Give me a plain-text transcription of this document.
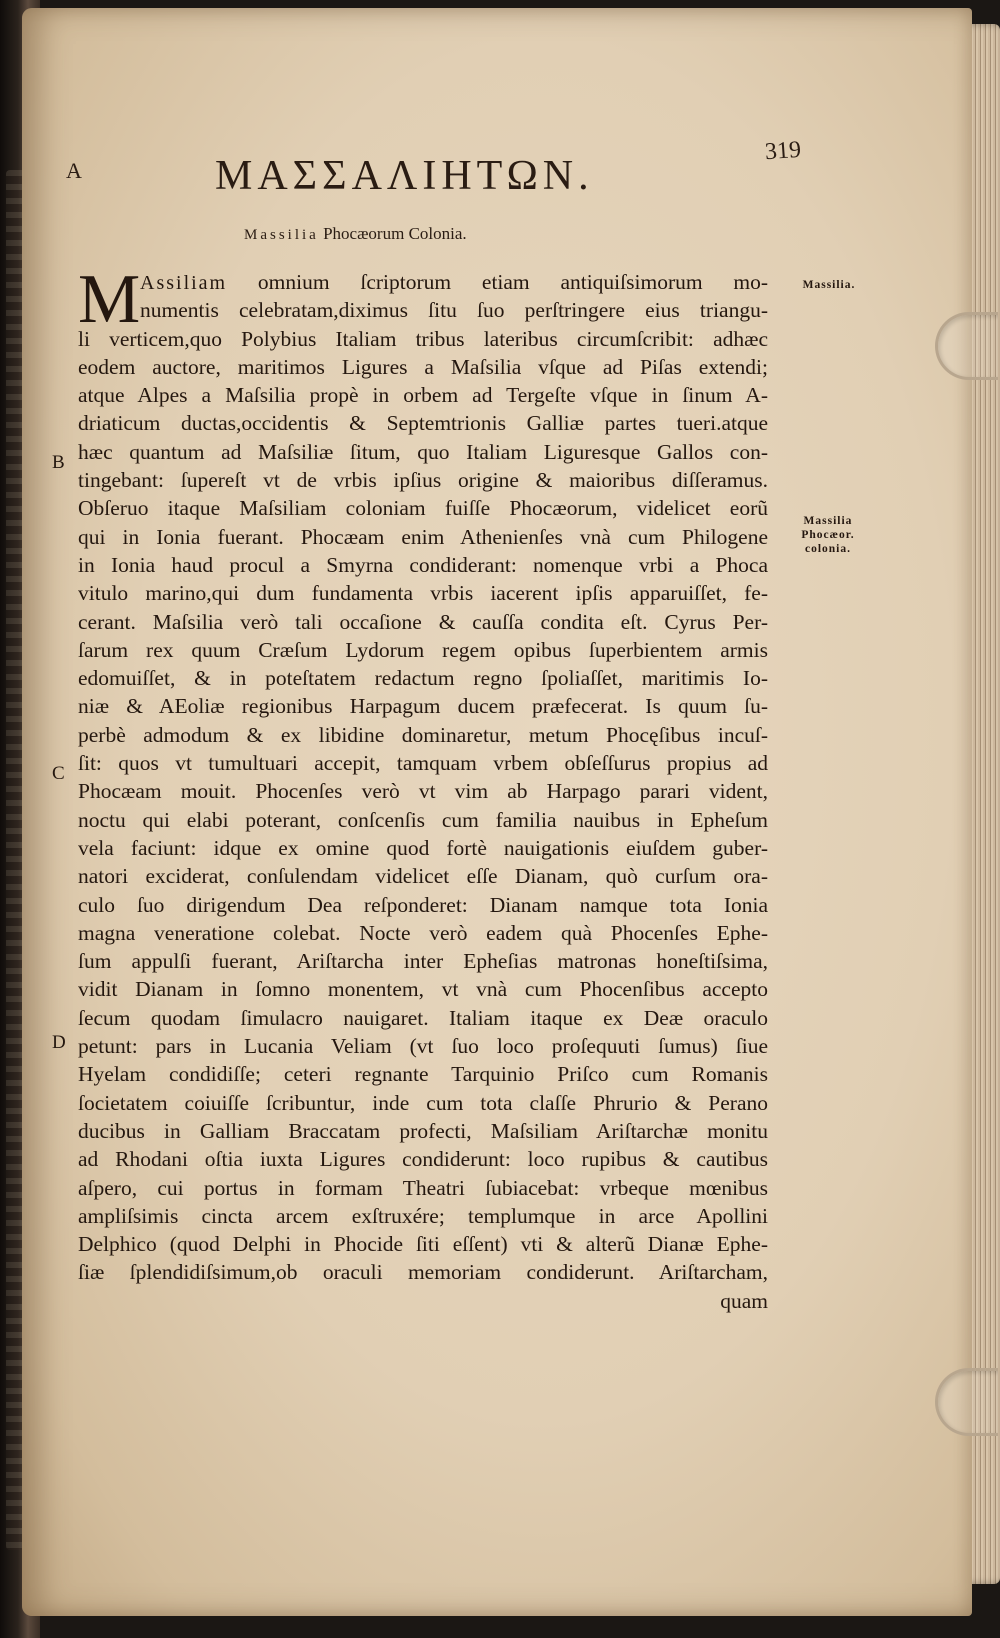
A
319
ΜΑΣΣΑΛΙΗΤΩΝ.
Massilia Phocæorum Colonia.
M Assiliam omnium ſcriptorum etiam antiquiſsimorum mo-
numentis celebratam,diximus ſitu ſuo perſtringere eius triangu-
li verticem,quo Polybius Italiam tribus lateribus circumſcribit: adhæc
eodem auctore, maritimos Ligures a Maſsilia vſque ad Piſas extendi;
atque Alpes a Maſsilia propè in orbem ad Tergeſte vſque in ſinum A-
driaticum ductas,occidentis & Septemtrionis Galliæ partes tueri.atque
hæc quantum ad Maſsiliæ ſitum, quo Italiam Liguresque Gallos con-
tingebant: ſupereſt vt de vrbis ipſius origine & maioribus diſſeramus.
Obſeruo itaque Maſsiliam coloniam fuiſſe Phocæorum, videlicet eorũ
qui in Ionia fuerant. Phocæam enim Athenienſes vnà cum Philogene
in Ionia haud procul a Smyrna condiderant: nomenque vrbi a Phoca
vitulo marino,qui dum fundamenta vrbis iacerent ipſis apparuiſſet, fe-
cerant. Maſsilia verò tali occaſione & cauſſa condita eſt. Cyrus Per-
ſarum rex quum Cræſum Lydorum regem opibus ſuperbientem armis
edomuiſſet, & in poteſtatem redactum regno ſpoliaſſet, maritimis Io-
niæ & AEoliæ regionibus Harpagum ducem præfecerat. Is quum ſu-
perbè admodum & ex libidine dominaretur, metum Phocęſibus incuſ-
ſit: quos vt tumultuari accepit, tamquam vrbem obſeſſurus propius ad
Phocæam mouit. Phocenſes verò vt vim ab Harpago parari vident,
noctu qui elabi poterant, conſcenſis cum familia nauibus in Epheſum
vela faciunt: idque ex omine quod fortè nauigationis eiuſdem guber-
natori exciderat, conſulendam videlicet eſſe Dianam, quò curſum ora-
culo ſuo dirigendum Dea reſponderet: Dianam namque tota Ionia
magna veneratione colebat. Nocte verò eadem quà Phocenſes Ephe-
ſum appulſi fuerant, Ariſtarcha inter Epheſias matronas honeſtiſsima,
vidit Dianam in ſomno monentem, vt vnà cum Phocenſibus accepto
ſecum quodam ſimulacro nauigaret. Italiam itaque ex Deæ oraculo
petunt: pars in Lucania Veliam (vt ſuo loco proſequuti ſumus) ſiue
Hyelam condidiſſe; ceteri regnante Tarquinio Priſco cum Romanis
ſocietatem coiuiſſe ſcribuntur, inde cum tota claſſe Phrurio & Perano
ducibus in Galliam Braccatam profecti, Maſsiliam Ariſtarchæ monitu
ad Rhodani oſtia iuxta Ligures condiderunt: loco rupibus & cautibus
aſpero, cui portus in formam Theatri ſubiacebat: vrbeque mœnibus
ampliſsimis cincta arcem exſtruxére; templumque in arce Apollini
Delphico (quod Delphi in Phocide ſiti eſſent) vti & alterũ Dianæ Ephe-
ſiæ ſplendidiſsimum,ob oraculi memoriam condiderunt. Ariſtarcham,
quam
B
C
D
Massilia.
Massilia Phocæor. colonia.
